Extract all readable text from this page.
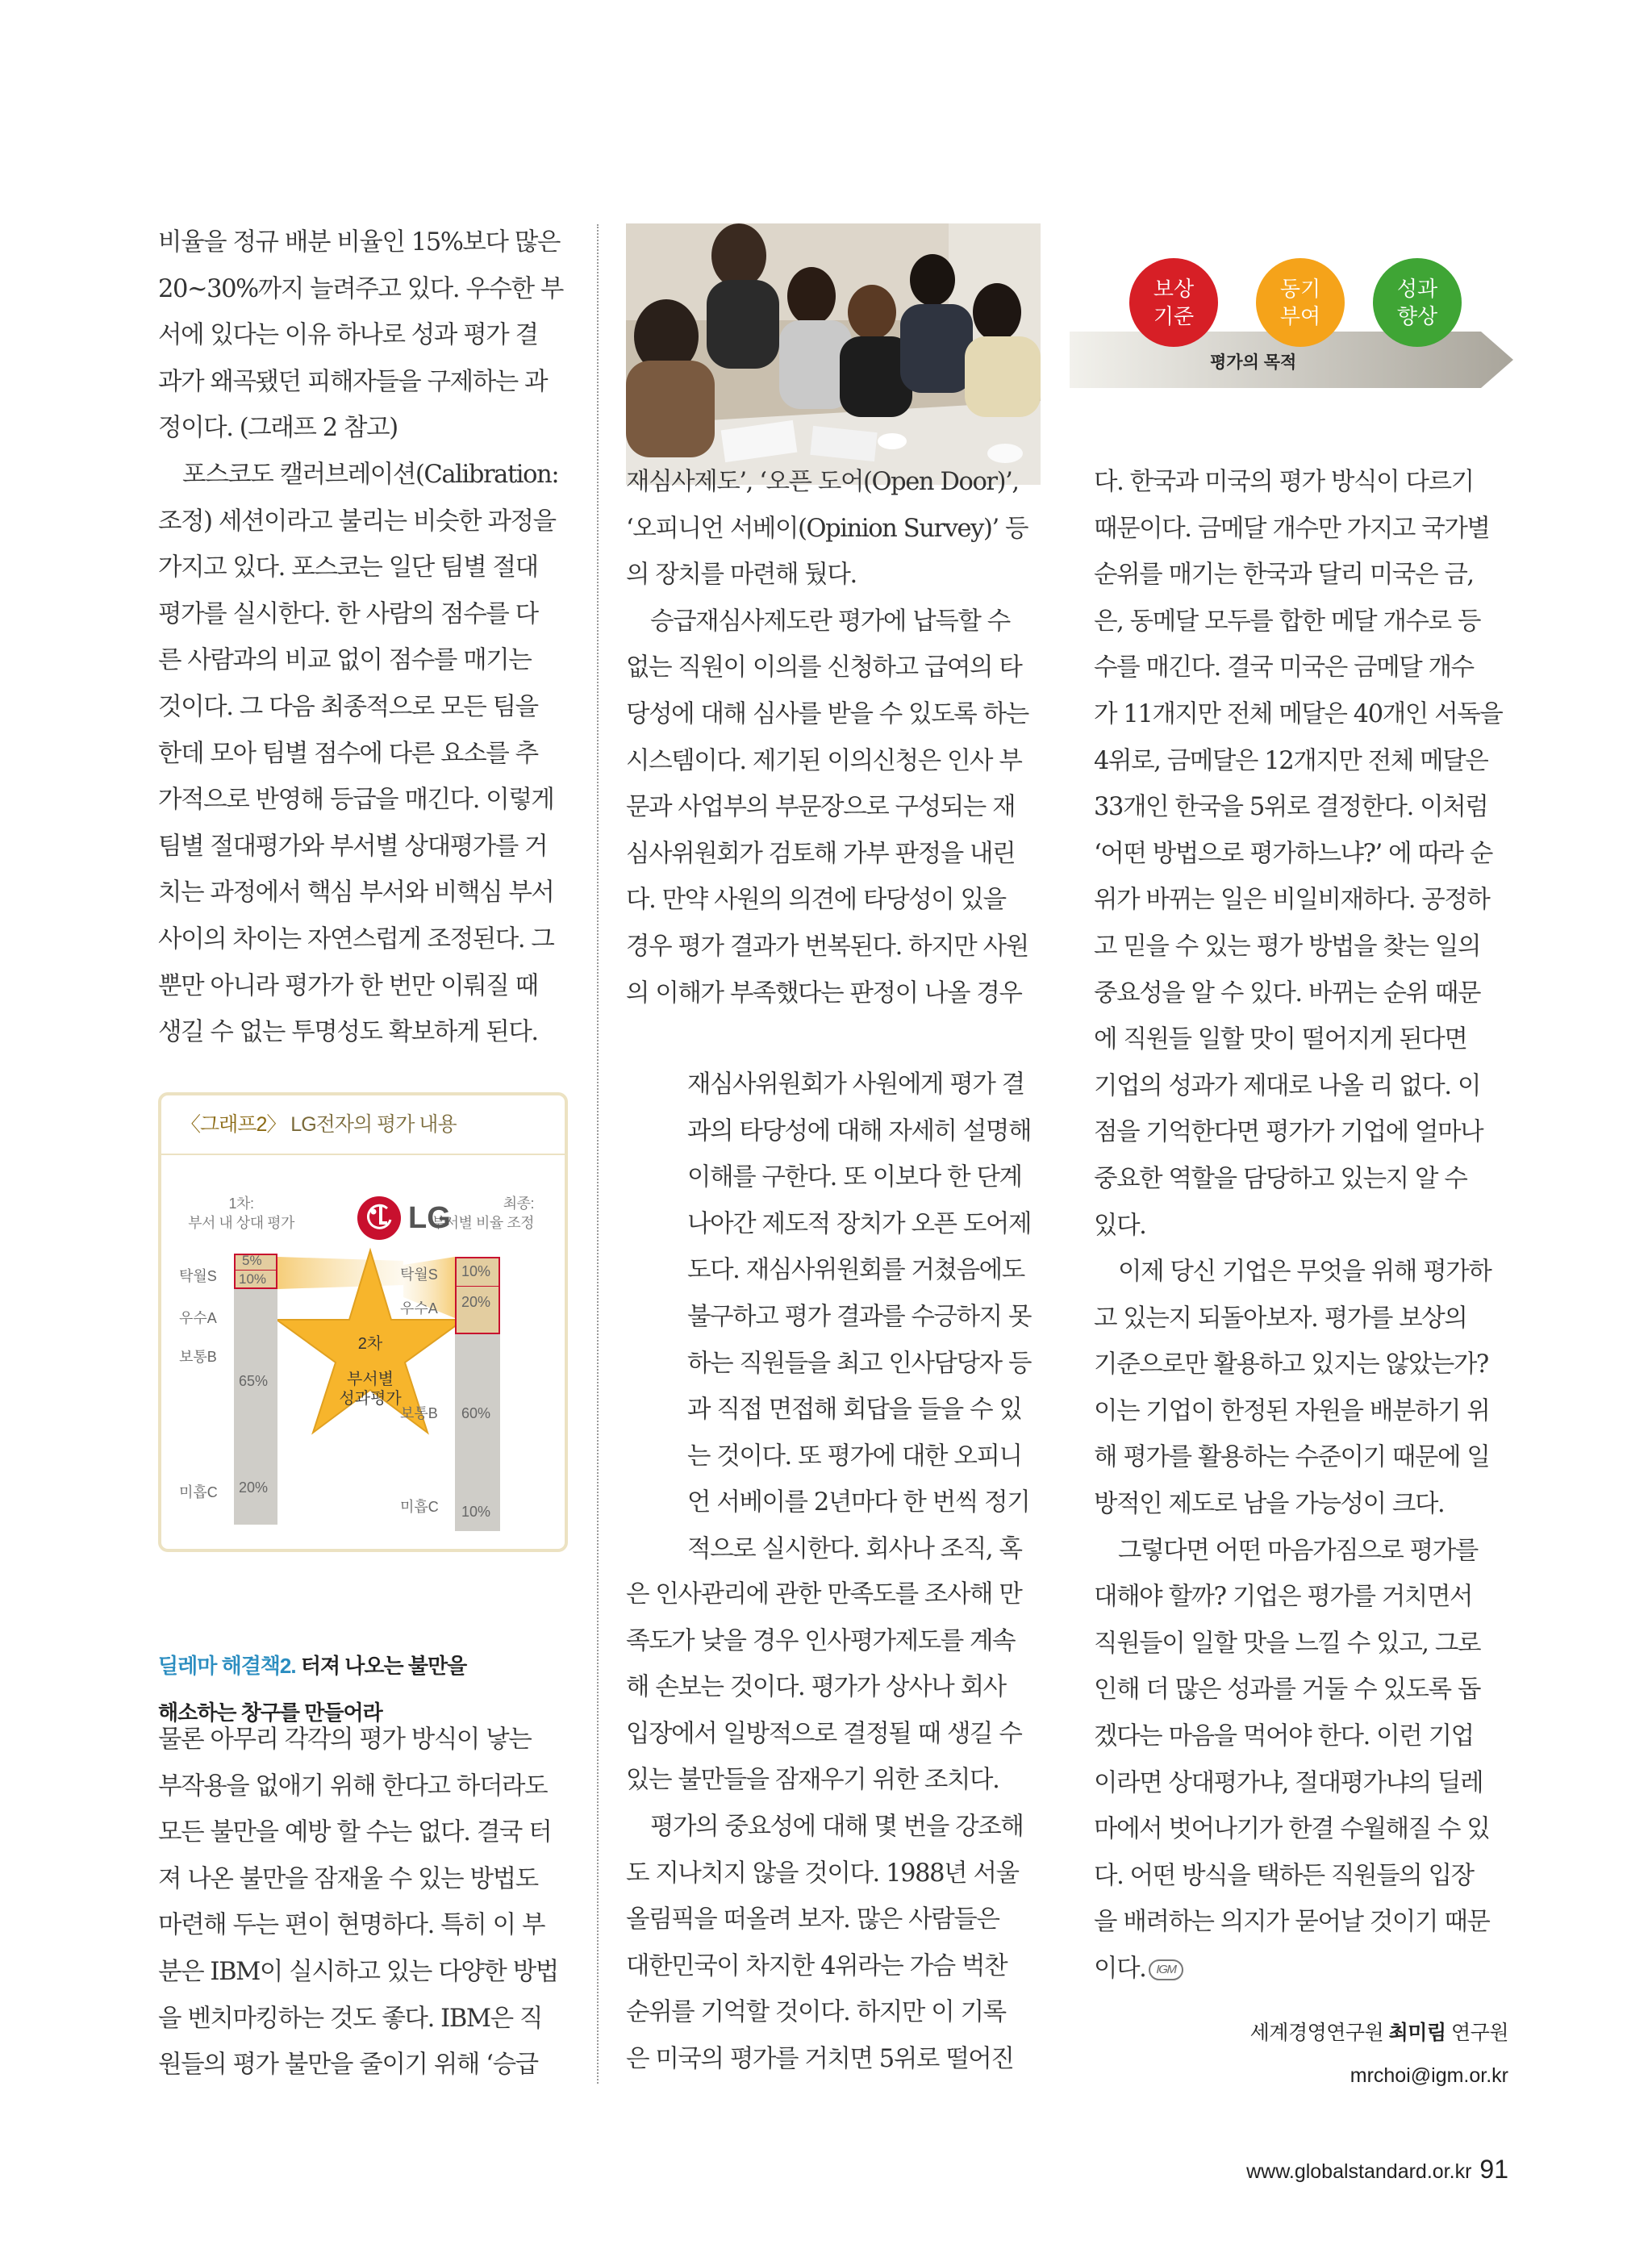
비율을 정규 배분 비율인 15%보다 많은

20~30%까지 늘려주고 있다. 우수한 부

서에 있다는 이유 하나로 성과 평가 결

과가 왜곡됐던 피해자들을 구제하는 과

정이다. (그래프 2 참고)

포스코도 캘러브레이션(Calibration:

조정) 세션이라고 불리는 비슷한 과정을

가지고 있다. 포스코는 일단 팀별 절대

평가를 실시한다. 한 사람의 점수를 다

른 사람과의 비교 없이 점수를 매기는

것이다. 그 다음 최종적으로 모든 팀을

한데 모아 팀별 점수에 다른 요소를 추

가적으로 반영해 등급을 매긴다. 이렇게

팀별 절대평가와 부서별 상대평가를 거

치는 과정에서 핵심 부서와 비핵심 부서

사이의 차이는 자연스럽게 조정된다. 그

뿐만 아니라 평가가 한 번만 이뤄질 때

생길 수 없는 투명성도 확보하게 된다.

〈그래프2〉 LG전자의 평가 내용
1차:
부서 내 상대 평가
최종:
부서별 비율 조정
LG
2차
부서별
성과평가
탁월S
우수A
보통B
미흡C
5%
10%
65%
20%
탁월S
우수A
보통B
미흡C
10%
20%
60%
10%
딜레마 해결책2. 터져 나오는 불만을
해소하는 창구를 만들어라

물론 아무리 각각의 평가 방식이 낳는

부작용을 없애기 위해 한다고 하더라도

모든 불만을 예방 할 수는 없다. 결국 터

져 나온 불만을 잠재울 수 있는 방법도

마련해 두는 편이 현명하다. 특히 이 부

분은 IBM이 실시하고 있는 다양한 방법

을 벤치마킹하는 것도 좋다. IBM은 직

원들의 평가 불만을 줄이기 위해 ‘승급

재심사제도’, ‘오픈 도어(Open Door)’,

‘오피니언 서베이(Opinion Survey)’ 등

의 장치를 마련해 뒀다.

승급재심사제도란 평가에 납득할 수

없는 직원이 이의를 신청하고 급여의 타

당성에 대해 심사를 받을 수 있도록 하는

시스템이다. 제기된 이의신청은 인사 부

문과 사업부의 부문장으로 구성되는 재

심사위원회가 검토해 가부 판정을 내린

다. 만약 사원의 의견에 타당성이 있을

경우 평가 결과가 번복된다. 하지만 사원

의 이해가 부족했다는 판정이 나올 경우

재심사위원회가 사원에게 평가 결

과의 타당성에 대해 자세히 설명해

이해를 구한다. 또 이보다 한 단계

나아간 제도적 장치가 오픈 도어제

도다. 재심사위원회를 거쳤음에도

불구하고 평가 결과를 수긍하지 못

하는 직원들을 최고 인사담당자 등

과 직접 면접해 회답을 들을 수 있

는 것이다. 또 평가에 대한 오피니

언 서베이를 2년마다 한 번씩 정기

적으로 실시한다. 회사나 조직, 혹

은 인사관리에 관한 만족도를 조사해 만

족도가 낮을 경우 인사평가제도를 계속

해 손보는 것이다. 평가가 상사나 회사

입장에서 일방적으로 결정될 때 생길 수

있는 불만들을 잠재우기 위한 조치다.

평가의 중요성에 대해 몇 번을 강조해

도 지나치지 않을 것이다. 1988년 서울

올림픽을 떠올려 보자. 많은 사람들은

대한민국이 차지한 4위라는 가슴 벅찬

순위를 기억할 것이다. 하지만 이 기록

은 미국의 평가를 거치면 5위로 떨어진

보상
기준
동기
부여
성과
향상
평가의 목적

다. 한국과 미국의 평가 방식이 다르기

때문이다. 금메달 개수만 가지고 국가별

순위를 매기는 한국과 달리 미국은 금,

은, 동메달 모두를 합한 메달 개수로 등

수를 매긴다. 결국 미국은 금메달 개수

가 11개지만 전체 메달은 40개인 서독을

4위로, 금메달은 12개지만 전체 메달은

33개인 한국을 5위로 결정한다. 이처럼

‘어떤 방법으로 평가하느냐?’ 에 따라 순

위가 바뀌는 일은 비일비재하다. 공정하

고 믿을 수 있는 평가 방법을 찾는 일의

중요성을 알 수 있다. 바뀌는 순위 때문

에 직원들 일할 맛이 떨어지게 된다면

기업의 성과가 제대로 나올 리 없다. 이

점을 기억한다면 평가가 기업에 얼마나

중요한 역할을 담당하고 있는지 알 수

있다.

이제 당신 기업은 무엇을 위해 평가하

고 있는지 되돌아보자. 평가를 보상의

기준으로만 활용하고 있지는 않았는가?

이는 기업이 한정된 자원을 배분하기 위

해 평가를 활용하는 수준이기 때문에 일

방적인 제도로 남을 가능성이 크다.

그렇다면 어떤 마음가짐으로 평가를

대해야 할까? 기업은 평가를 거치면서

직원들이 일할 맛을 느낄 수 있고, 그로

인해 더 많은 성과를 거둘 수 있도록 돕

겠다는 마음을 먹어야 한다. 이런 기업

이라면 상대평가냐, 절대평가냐의 딜레

마에서 벗어나기가 한결 수월해질 수 있

다. 어떤 방식을 택하든 직원들의 입장

을 배려하는 의지가 묻어날 것이기 때문

이다. IGM

세계경영연구원 최미림 연구원
mrchoi@igm.or.kr
www.globalstandard.or.kr 91
